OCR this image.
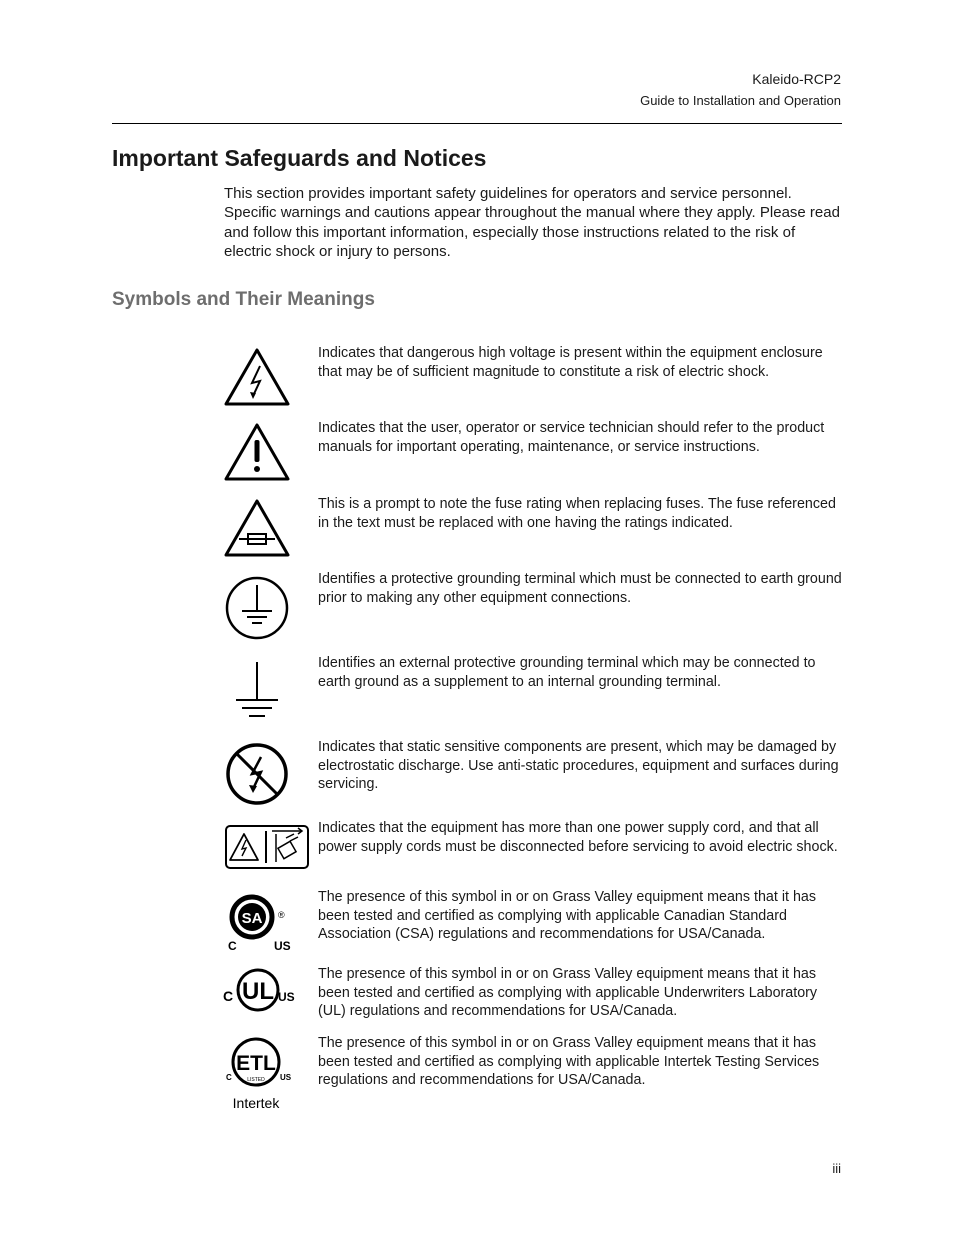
Kaleido-RCP2
Guide to Installation and Operation
Important Safeguards and Notices

This section provides important safety guidelines for operators and service personnel. Specific warnings and cautions appear throughout the manual where they apply. Please read and follow this important information, especially those instructions related to the risk of electric shock or injury to persons.

Symbols and Their Meanings

Indicates that dangerous high voltage is present within the equipment enclosure that may be of sufficient magnitude to constitute a risk of electric shock.

Indicates that the user, operator or service technician should refer to the product manuals for important operating, maintenance, or service instructions.

This is a prompt to note the fuse rating when replacing fuses. The fuse referenced in the text must be replaced with one having the ratings indicated.

Identifies a protective grounding terminal which must be connected to earth ground prior to making any other equipment connections.

Identifies an external protective grounding terminal which may be connected to earth ground as a supplement to an internal grounding terminal.

Indicates that static sensitive components are present, which may be damaged by electrostatic discharge. Use anti-static procedures, equipment and surfaces during servicing.

Indicates that the equipment has more than one power supply cord, and that all power supply cords must be disconnected before servicing to avoid electric shock.

SA ®
C	US

The presence of this symbol in or on Grass Valley equipment means that it has been tested and certified as complying with applicable Canadian Standard Association (CSA) regulations and recommendations for USA/Canada.

UL
C	US

The presence of this symbol in or on Grass Valley equipment means that it has been tested and certified as complying with applicable Underwriters Laboratory (UL) regulations and recommendations for USA/Canada.

ETL
LISTED
C	US
Intertek

The presence of this symbol in or on Grass Valley equipment means that it has been tested and certified as complying with applicable Intertek Testing Services regulations and recommendations for USA/Canada.

iii
